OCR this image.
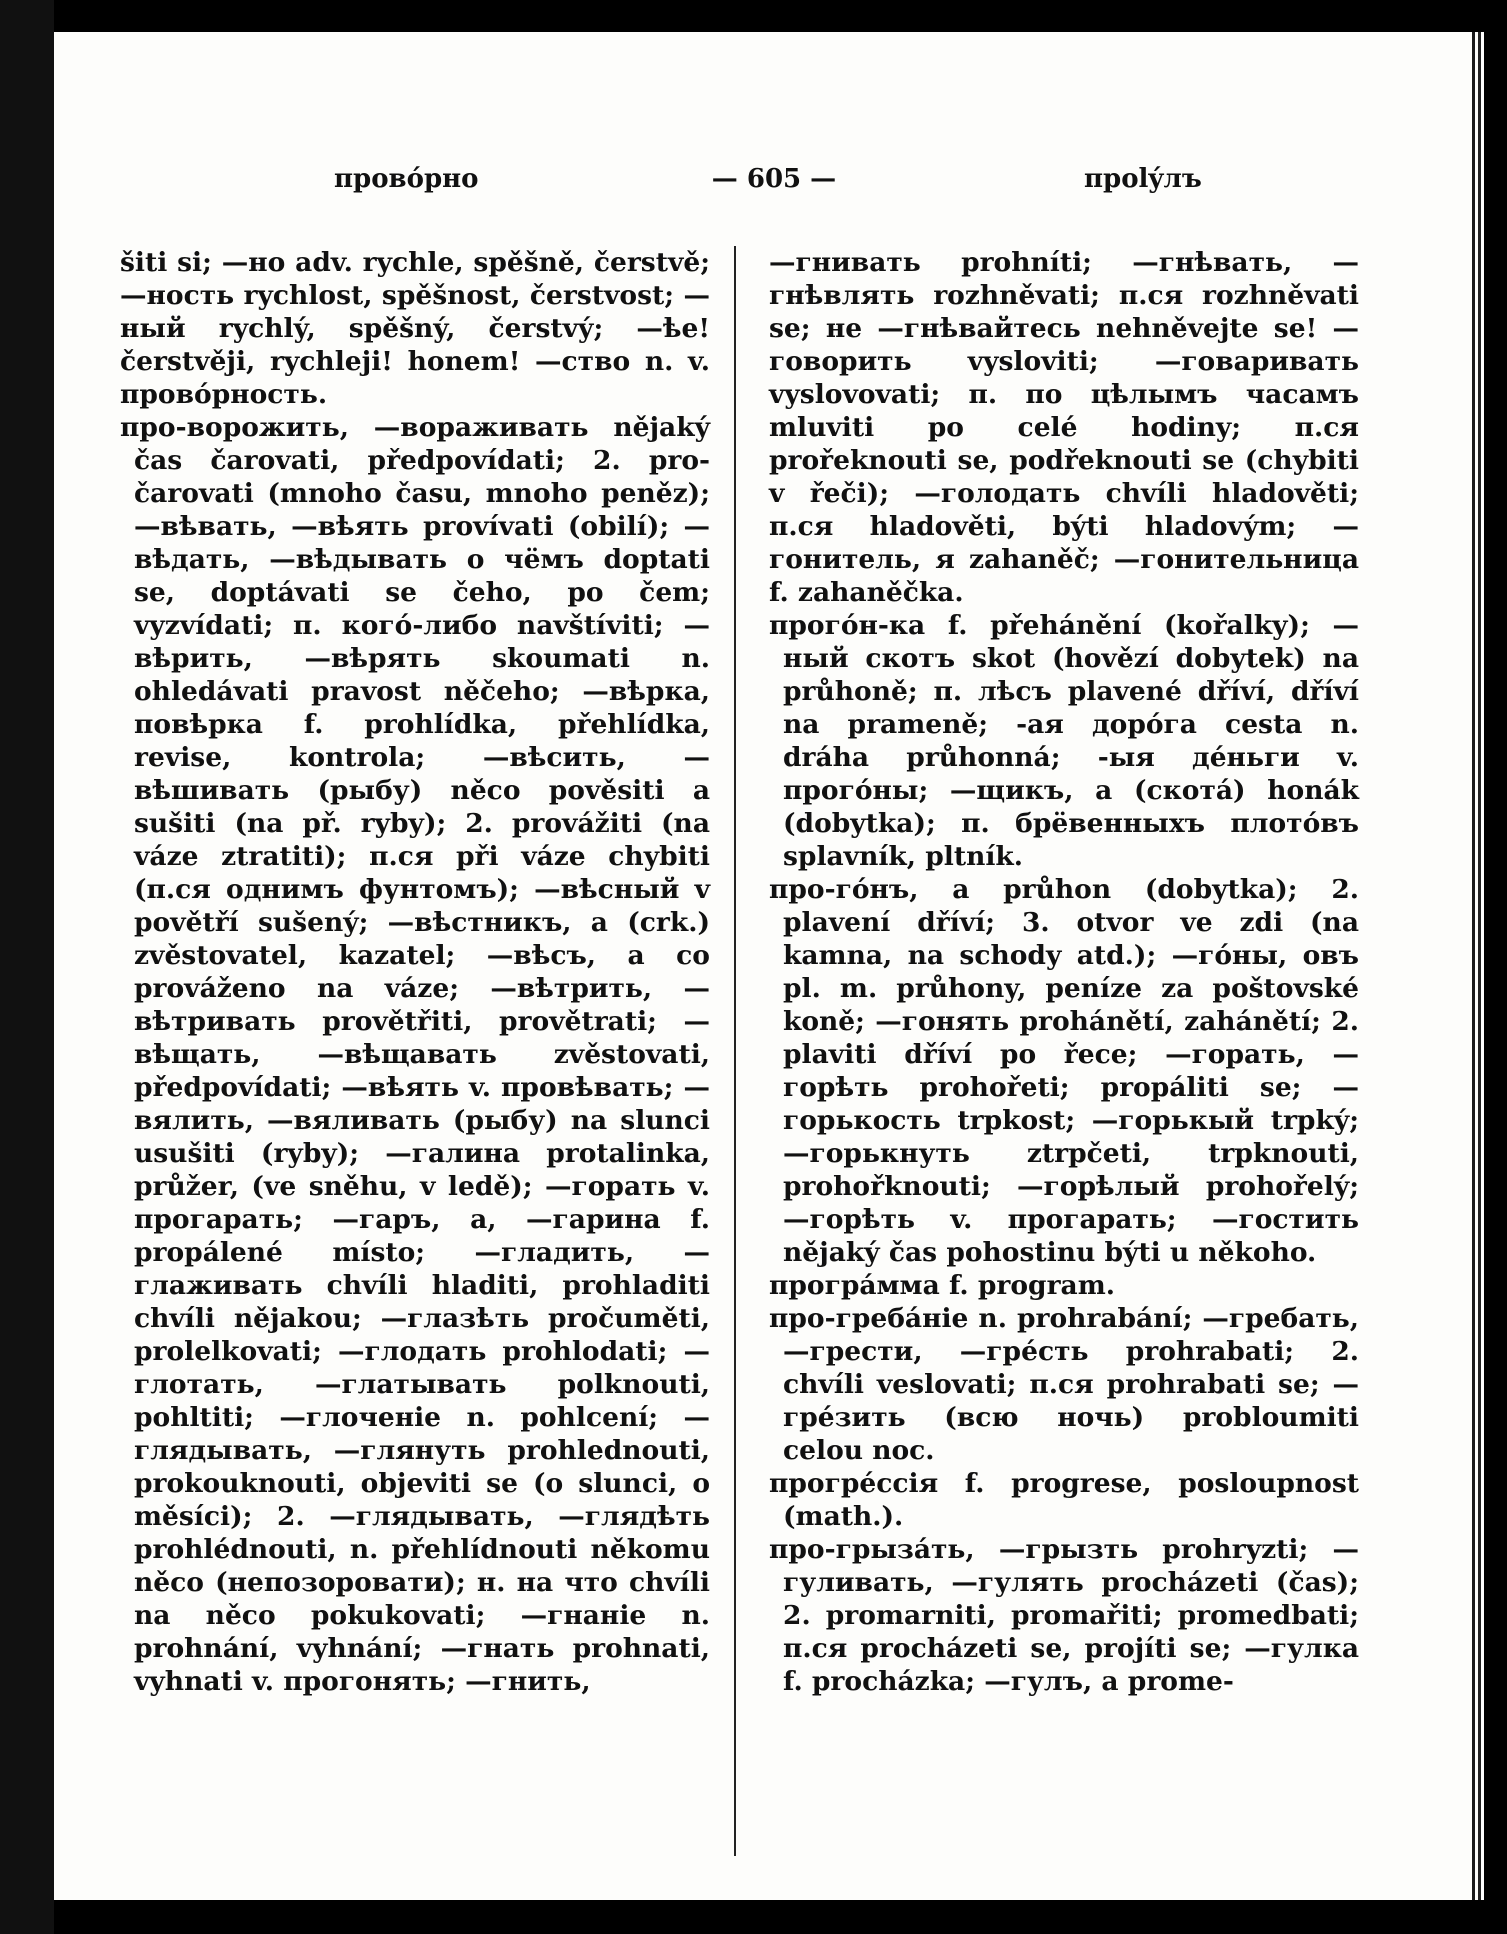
провóрно	— 605 —	проlýлъ

šiti si; —но adv. rychle, spěšně, čerstvě; —ность rychlost, spěšnost, čerstvost; —ный rychlý, spěšný, čerstvý; —ѣе! čerstvěji, rychleji! honem! —ство n. v. провóрность.

про-ворожить, —вораживать nějaký čas čarovati, předpovídati; 2. pro-čarovati (mnoho času, mnoho peněz); —вѣвать, —вѣять provívati (obilí); —вѣдать, —вѣдывать о чёмъ doptati se, doptávati se čeho, po čem; vyzvídati; п. когó-либо navštíviti; —вѣрить, —вѣрять skoumati n. ohledávati pravost něčeho; —вѣрка, повѣрка f. prohlídka, přehlídka, revise, kontrola; —вѣсить, —вѣшивать (рыбу) něco pověsiti a sušiti (na př. ryby); 2. provážiti (na váze ztratiti); п.ся při váze chybiti (п.ся однимъ фунтомъ); —вѣсный v povětří sušený; —вѣстникъ, а (crk.) zvěstovatel, kazatel; —вѣсъ, а co prováženo na váze; —вѣтрить, —вѣтривать provětřiti, provětrati; —вѣщать, —вѣщавать zvěstovati, předpovídati; —вѣять v. провѣвать; —вялить, —вяливать (рыбу) na slunci usušiti (ryby); —галина protalinka, průžer, (ve sněhu, v ledě); —горать v. прогарать; —гаръ, а, —гарина f. propálené místo; —гладить, —глаживать chvíli hladiti, prohladiti chvíli nějakou; —глазѣть pročuměti, prolelkovati; —глодать prohlodati; —глотать, —глатывать polknouti, pohltiti; —глоченіе n. pohlcení; —глядывать, —глянуть prohlednouti, prokouknouti, objeviti se (o slunci, o měsíci); 2. —глядывать, —глядѣть prohlédnouti, n. přehlídnouti někomu něco (непозоровати); н. на что chvíli na něco pokukovati; —гнаніе n. prohnání, vyhnání; —гнать prohnati, vyhnati v. прогонять; —гнить,

—гнивать prohníti; —гнѣвать, —гнѣвлять rozhněvati; п.ся rozhněvati se; не —гнѣвайтесь nehněvejte se! —говорить vysloviti; —говаривать vyslovovati; п. по цѣлымъ часамъ mluviti po celé hodiny; п.ся prořeknouti se, podřeknouti se (chybiti v řeči); —голодать chvíli hladověti; п.ся hladověti, býti hladovým; —гонитель, я zahaněč; —гонительница f. zahaněčka.

прогóн-ка f. přehánění (kořalky); —ный скотъ skot (hovězí dobytek) na průhoně; п. лѣсъ plavené dříví, dříví na prameně; -ая дорóга cesta n. dráha průhonná; -ыя дéньги v. прогóны; —щикъ, а (скотá) honák (dobytka); п. брёвенныхъ плотóвъ splavník, pltník.

про-гóнъ, а průhon (dobytka); 2. plavení dříví; 3. otvor ve zdi (na kamna, na schody atd.); —гóны, овъ pl. m. průhony, peníze za poštovské koně; —гонять prohánětí, zahánětí; 2. plaviti dříví po řece; —горать, —горѣть prohořeti; propáliti se; —горькость trpkost; —горькый trpký; —горькнуть ztrpčeti, trpknouti, prohořknouti; —горѣлый prohořelý; —горѣть v. прогарать; —гостить nějaký čas pohostinu býti u někoho.

прогрáмма f. program.

про-гребáніе n. prohrabání; —гребать, —грести, —грéсть prohrabati; 2. chvíli veslovati; п.ся prohrabati se; —грéзить (всю ночь) probloumiti celou noc.

прогрéссія f. progrese, posloupnost (math.).

про-грызáть, —грызть prohryzti; —гуливать, —гулять procházeti (čas); 2. promarniti, promařiti; promedbati; п.ся procházeti se, projíti se; —гулка f. procházka; —гулъ, а prome-
